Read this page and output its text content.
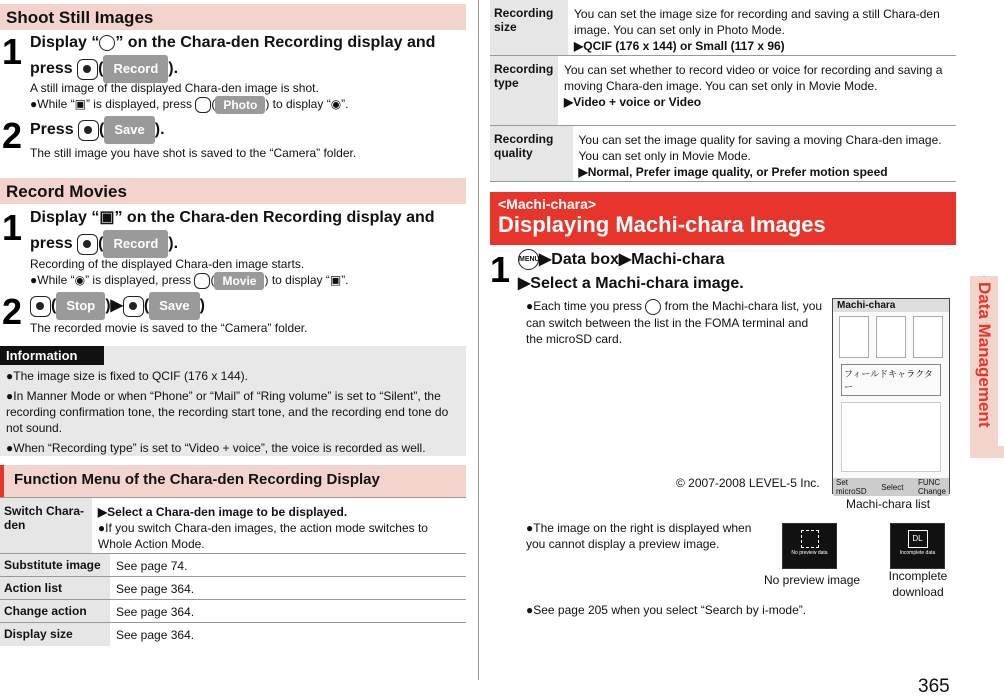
Shoot Still Images
1 Display “ ” on the Chara-den Recording display and press ( Record ).
A still image of the displayed Chara-den image is shot.
●While “▣” is displayed, press ( Photo ) to display “◉”.
2 Press ( Save ).
The still image you have shot is saved to the “Camera” folder.
Record Movies
1 Display “▣” on the Chara-den Recording display and press ( Record ).
Recording of the displayed Chara-den image starts.
●While “◉” is displayed, press ( Movie ) to display “▣”.
2	( Stop )▶ ( Save )
The recorded movie is saved to the “Camera” folder.
Information
●The image size is fixed to QCIF (176 x 144).
●In Manner Mode or when “Phone” or “Mail” of “Ring volume” is set to “Silent”, the recording confirmation tone, the recording start tone, and the recording end tone do not sound.
●When “Recording type” is set to “Video + voice”, the voice is recorded as well.
Function Menu of the Chara-den Recording Display
Switch Chara-den
▶Select a Chara-den image to be displayed.
●If you switch Chara-den images, the action mode switches to Whole Action Mode.
Substitute image	See page 74.
Action list	See page 364.
Change action	See page 364.
Display size	See page 364.
Recording size
You can set the image size for recording and saving a still Chara-den image. You can set only in Photo Mode.
▶QCIF (176 x 144) or Small (117 x 96)
Recording type
You can set whether to record video or voice for recording and saving a moving Chara-den image. You can set only in Movie Mode.
▶Video + voice or Video
Recording quality
You can set the image quality for saving a moving Chara-den image. You can set only in Movie Mode.
▶Normal, Prefer image quality, or Prefer motion speed
<Machi-chara>
Displaying Machi-chara Images
1 MENU▶Data box▶Machi-chara
▶Select a Machi-chara image.
●Each time you press from the Machi-chara list, you can switch between the list in the FOMA terminal and the microSD card.
© 2007-2008 LEVEL-5 Inc.
Machi-chara
フィールドキャラクター
Set
microSD Select FUNC
Change
Machi-chara list
●The image on the right is displayed when you cannot display a preview image.
No preview data
DL
Incomplete data
No preview image	Incomplete download
●See page 205 when you select “Search by i-mode”.
Data Management
365
